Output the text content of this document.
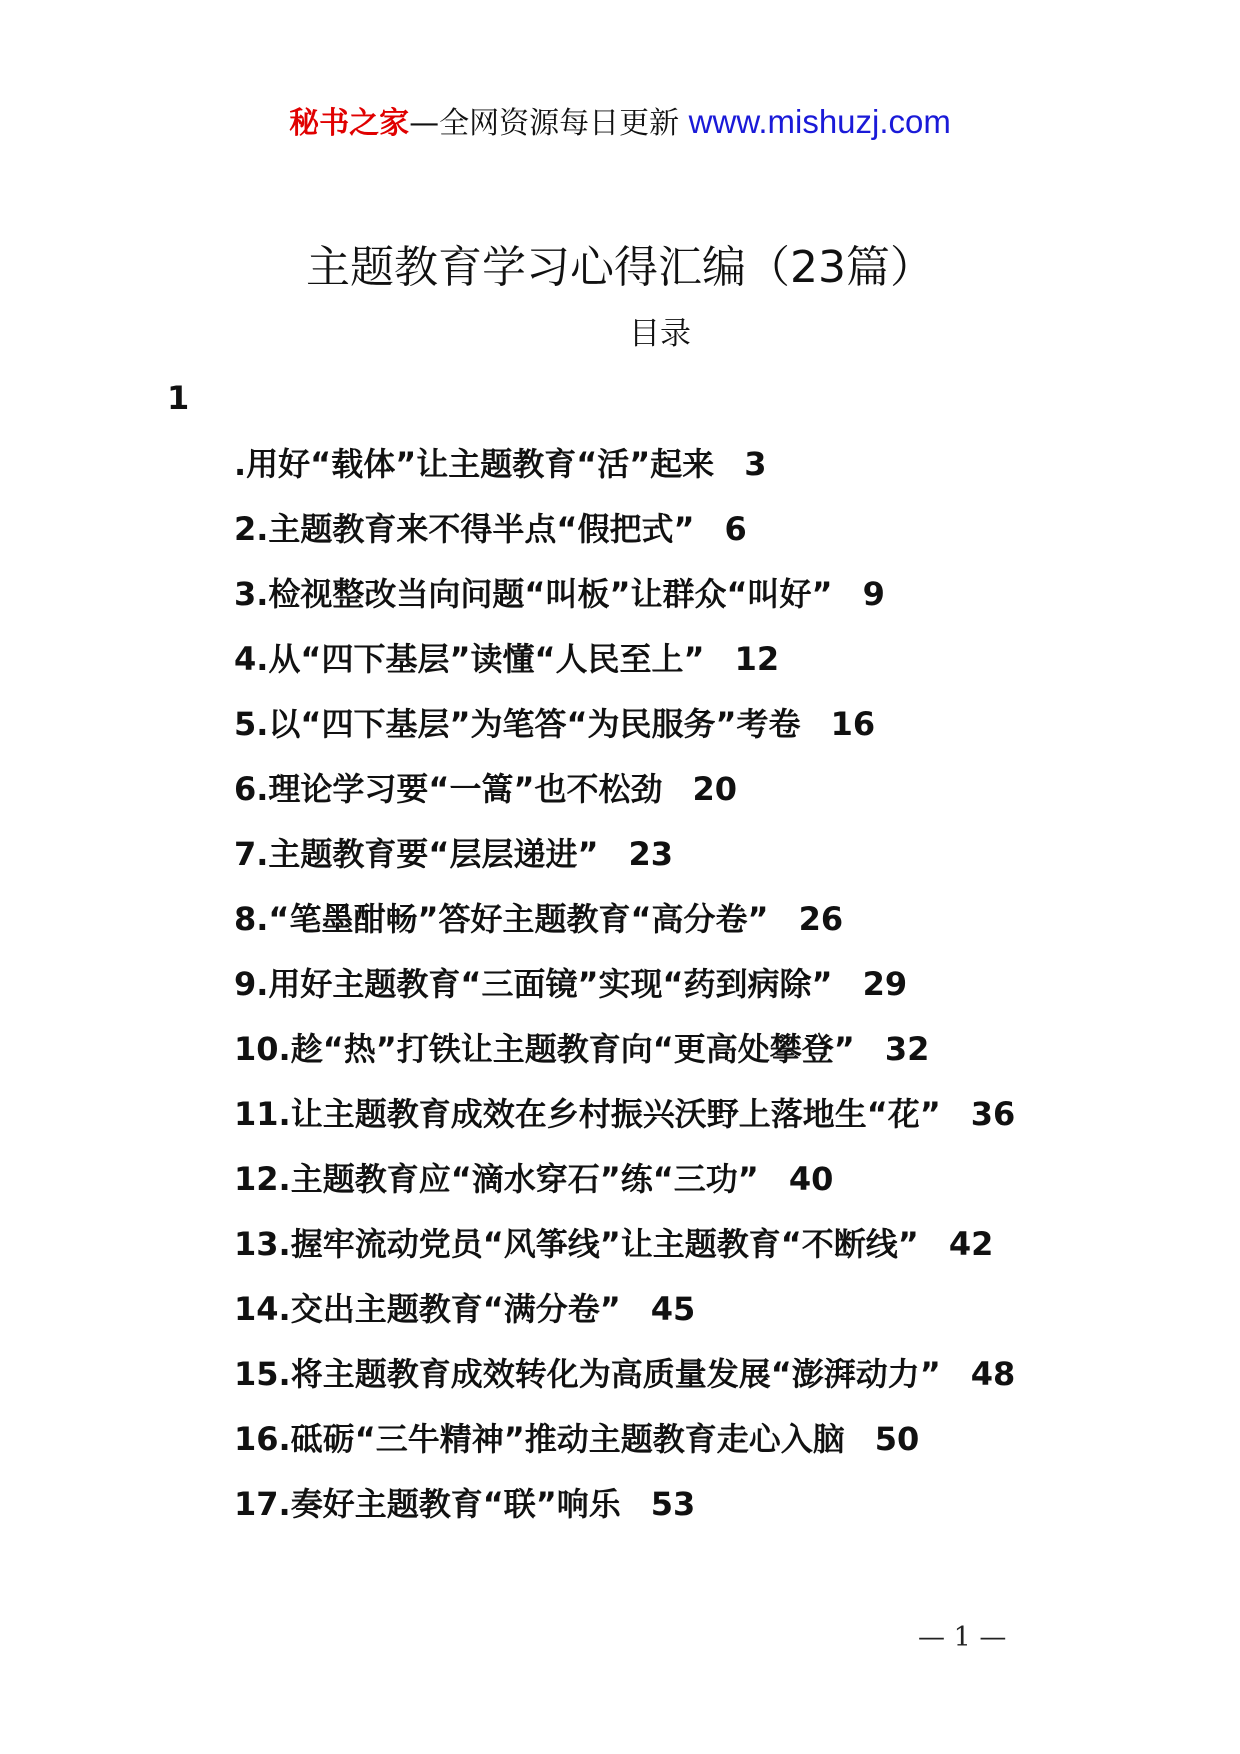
秘书之家—全网资源每日更新 www.mishuzj.com
主题教育学习心得汇编（23篇）
目录
1
.用好“载体”让主题教育“活”起来 3
2.主题教育来不得半点“假把式” 6
3.检视整改当向问题“叫板”让群众“叫好” 9
4.从“四下基层”读懂“人民至上” 12
5.以“四下基层”为笔答“为民服务”考卷 16
6.理论学习要“一篙”也不松劲 20
7.主题教育要“层层递进” 23
8.“笔墨酣畅”答好主题教育“高分卷” 26
9.用好主题教育“三面镜”实现“药到病除” 29
10.趁“热”打铁让主题教育向“更高处攀登” 32
11.让主题教育成效在乡村振兴沃野上落地生“花” 36
12.主题教育应“滴水穿石”练“三功” 40
13.握牢流动党员“风筝线”让主题教育“不断线” 42
14.交出主题教育“满分卷” 45
15.将主题教育成效转化为高质量发展“澎湃动力” 48
16.砥砺“三牛精神”推动主题教育走心入脑 50
17.奏好主题教育“联”响乐 53
— 1 —
